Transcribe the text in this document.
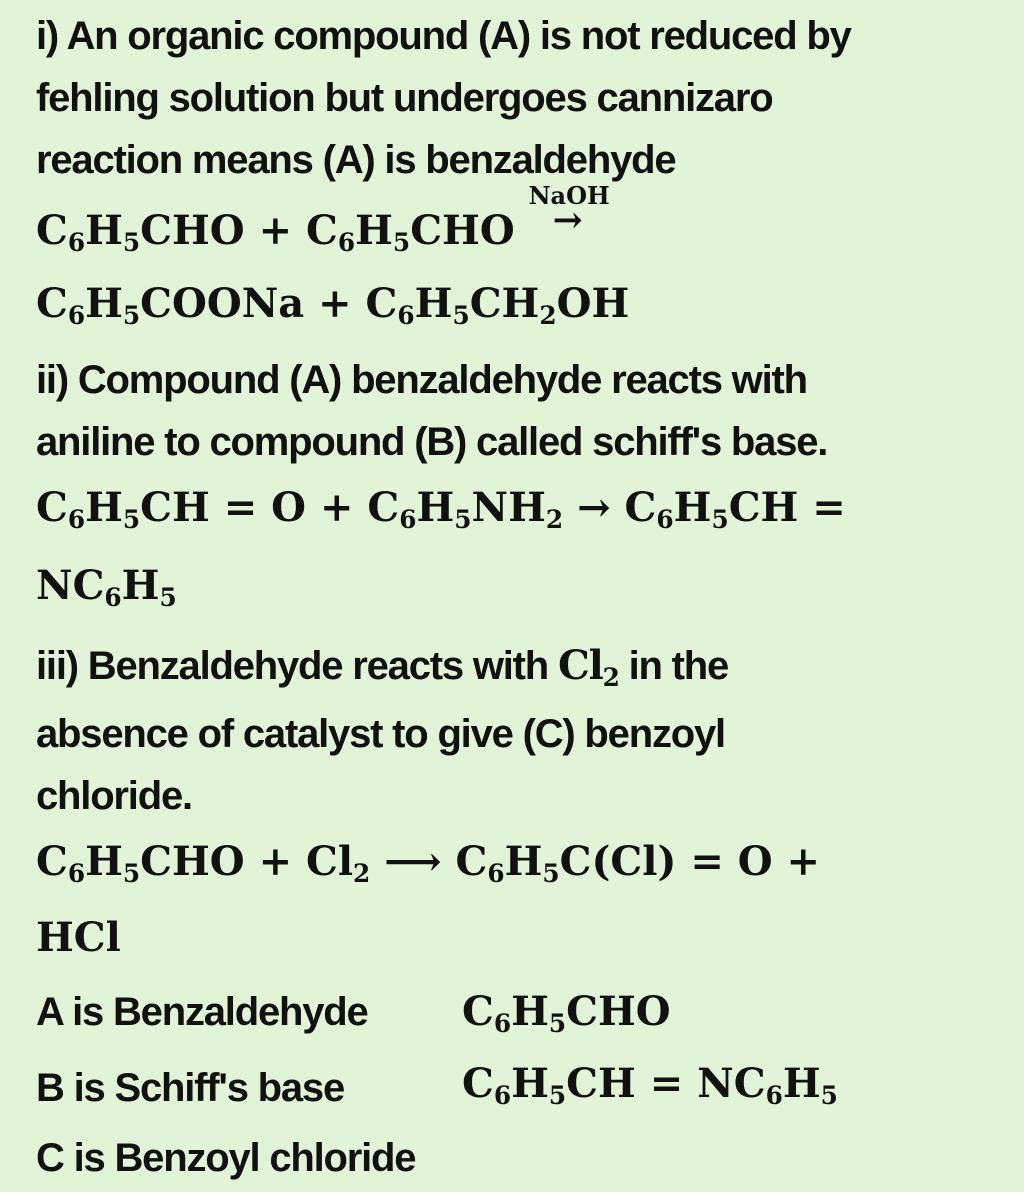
i) An organic compound (A) is not reduced by
fehling solution but undergoes cannizaro
reaction means (A) is benzaldehyde
$C_6H_5CHO + C_6H_5CHO$
NaOH
→
$C_6H_5COONa + C_6H_5CH_2OH$
ii) Compound (A) benzaldehyde reacts with
aniline to compound (B) called schiff's base.
$C_6H_5CH = O + C_6H_5NH_2 \to C_6H_5CH$ =
$NC_6H_5$
iii) Benzaldehyde reacts with $Cl_2$ in the
absence of catalyst to give (C) benzoyl
chloride.
$C_6H_5CHO + Cl_2$ ⟶ $C_6H_5C(Cl) = O$ +
HCl
A is Benzaldehyde $C_6H_5CHO$
B is Schiff's base	$C_6H_5CH = NC_6H_5$
C is Benzoyl chloride
